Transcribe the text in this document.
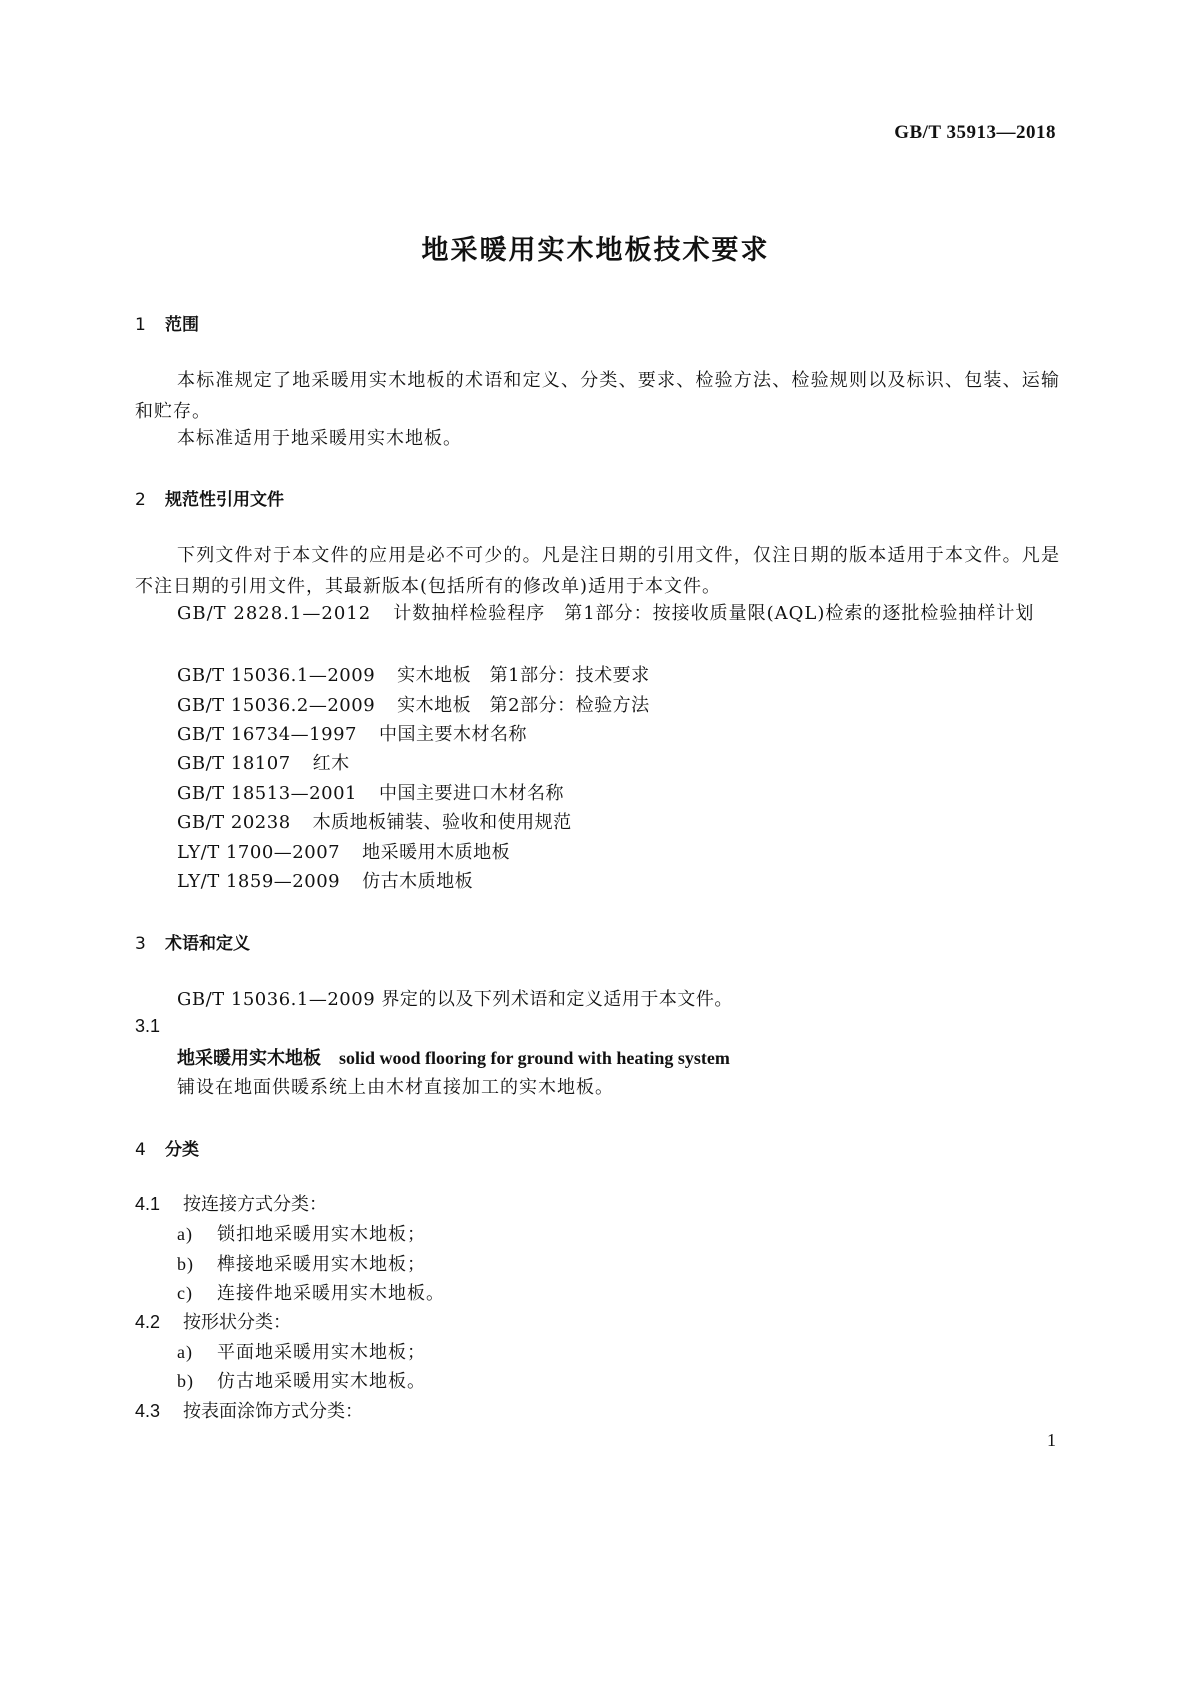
GB/T 35913—2018
地采暖用实木地板技术要求
1 范围
本标准规定了地采暖用实木地板的术语和定义、分类、要求、检验方法、检验规则以及标识、包装、运输和贮存。
本标准适用于地采暖用实木地板。
2 规范性引用文件
下列文件对于本文件的应用是必不可少的。凡是注日期的引用文件，仅注日期的版本适用于本文件。凡是不注日期的引用文件，其最新版本(包括所有的修改单)适用于本文件。
GB/T 2828.1—2012 计数抽样检验程序　第1部分：按接收质量限(AQL)检索的逐批检验抽样计划
GB/T 15036.1—2009 实木地板　第1部分：技术要求
GB/T 15036.2—2009 实木地板　第2部分：检验方法
GB/T 16734—1997 中国主要木材名称
GB/T 18107 红木
GB/T 18513—2001 中国主要进口木材名称
GB/T 20238 木质地板铺装、验收和使用规范
LY/T 1700—2007 地采暖用木质地板
LY/T 1859—2009 仿古木质地板
3 术语和定义
GB/T 15036.1—2009 界定的以及下列术语和定义适用于本文件。
3.1
地采暖用实木地板 solid wood flooring for ground with heating system
铺设在地面供暖系统上由木材直接加工的实木地板。
4 分类
4.1 按连接方式分类：
a) 锁扣地采暖用实木地板；
b) 榫接地采暖用实木地板；
c) 连接件地采暖用实木地板。
4.2 按形状分类：
a) 平面地采暖用实木地板；
b) 仿古地采暖用实木地板。
4.3 按表面涂饰方式分类：
1
